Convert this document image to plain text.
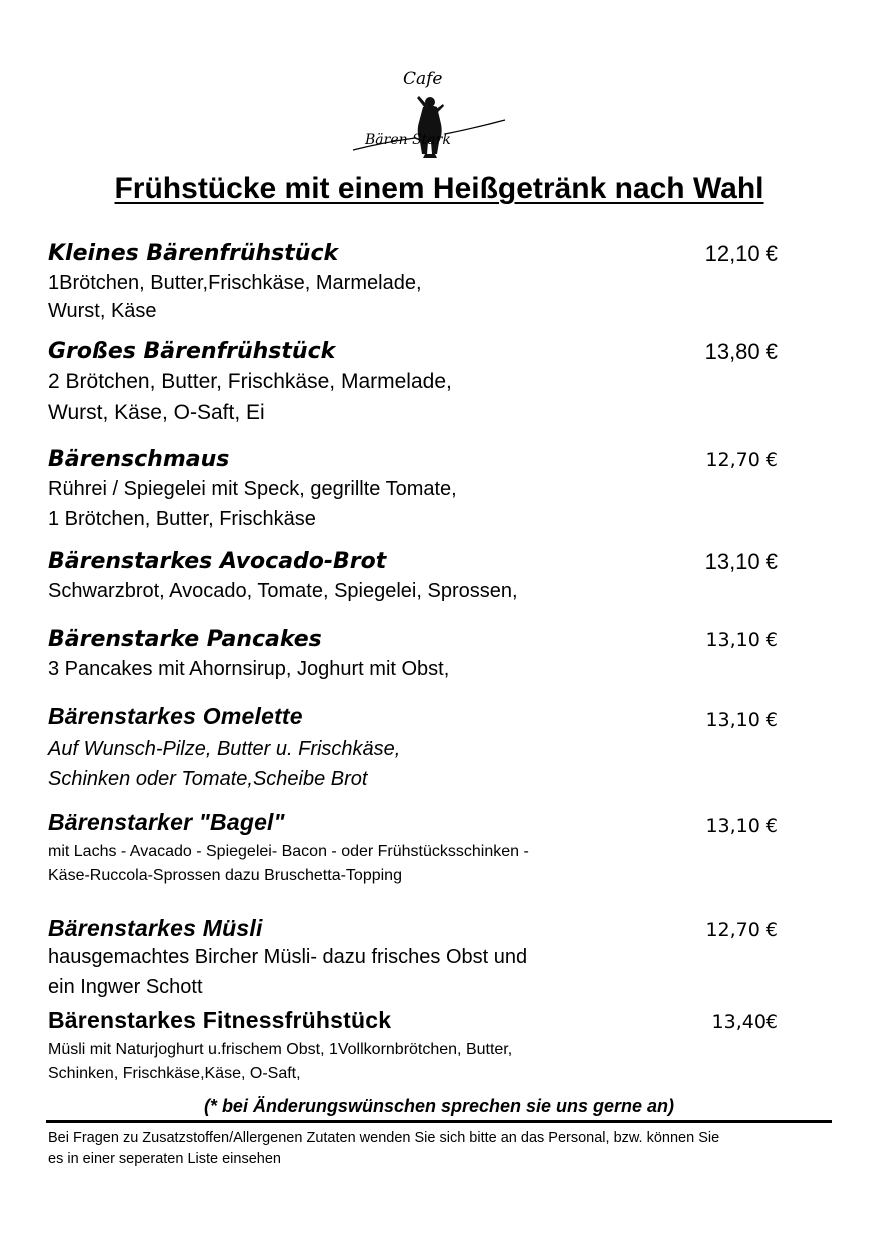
Cafe
Bären Stark
Frühstücke mit einem Heißgetränk nach Wahl
Kleines Bärenfrühstück	12,10 €
1Brötchen, Butter,Frischkäse, Marmelade,
Wurst, Käse
Großes Bärenfrühstück	13,80 €
2 Brötchen, Butter, Frischkäse, Marmelade,
Wurst, Käse, O-Saft, Ei
Bärenschmaus	12,70 €
Rührei / Spiegelei mit Speck, gegrillte Tomate,
1 Brötchen, Butter, Frischkäse
Bärenstarkes Avocado-Brot	13,10 €
Schwarzbrot, Avocado, Tomate, Spiegelei, Sprossen,
Bärenstarke Pancakes	13,10 €
3 Pancakes mit Ahornsirup, Joghurt mit Obst,
Bärenstarkes Omelette	13,10 €
Auf Wunsch-Pilze, Butter u. Frischkäse,
Schinken oder Tomate,Scheibe Brot
Bärenstarker "Bagel"	13,10 €
mit Lachs - Avacado - Spiegelei- Bacon - oder Frühstücksschinken -
Käse-Ruccola-Sprossen dazu Bruschetta-Topping
Bärenstarkes Müsli	12,70 €
hausgemachtes Bircher Müsli- dazu frisches Obst und
ein Ingwer Schott
Bärenstarkes Fitnessfrühstück	13,40€
Müsli mit Naturjoghurt u.frischem Obst, 1Vollkornbrötchen, Butter,
Schinken, Frischkäse,Käse, O-Saft,
(* bei Änderungswünschen sprechen sie uns gerne an)
Bei Fragen zu Zusatzstoffen/Allergenen Zutaten wenden Sie sich bitte an das Personal, bzw. können Sie
es in einer seperaten Liste einsehen
